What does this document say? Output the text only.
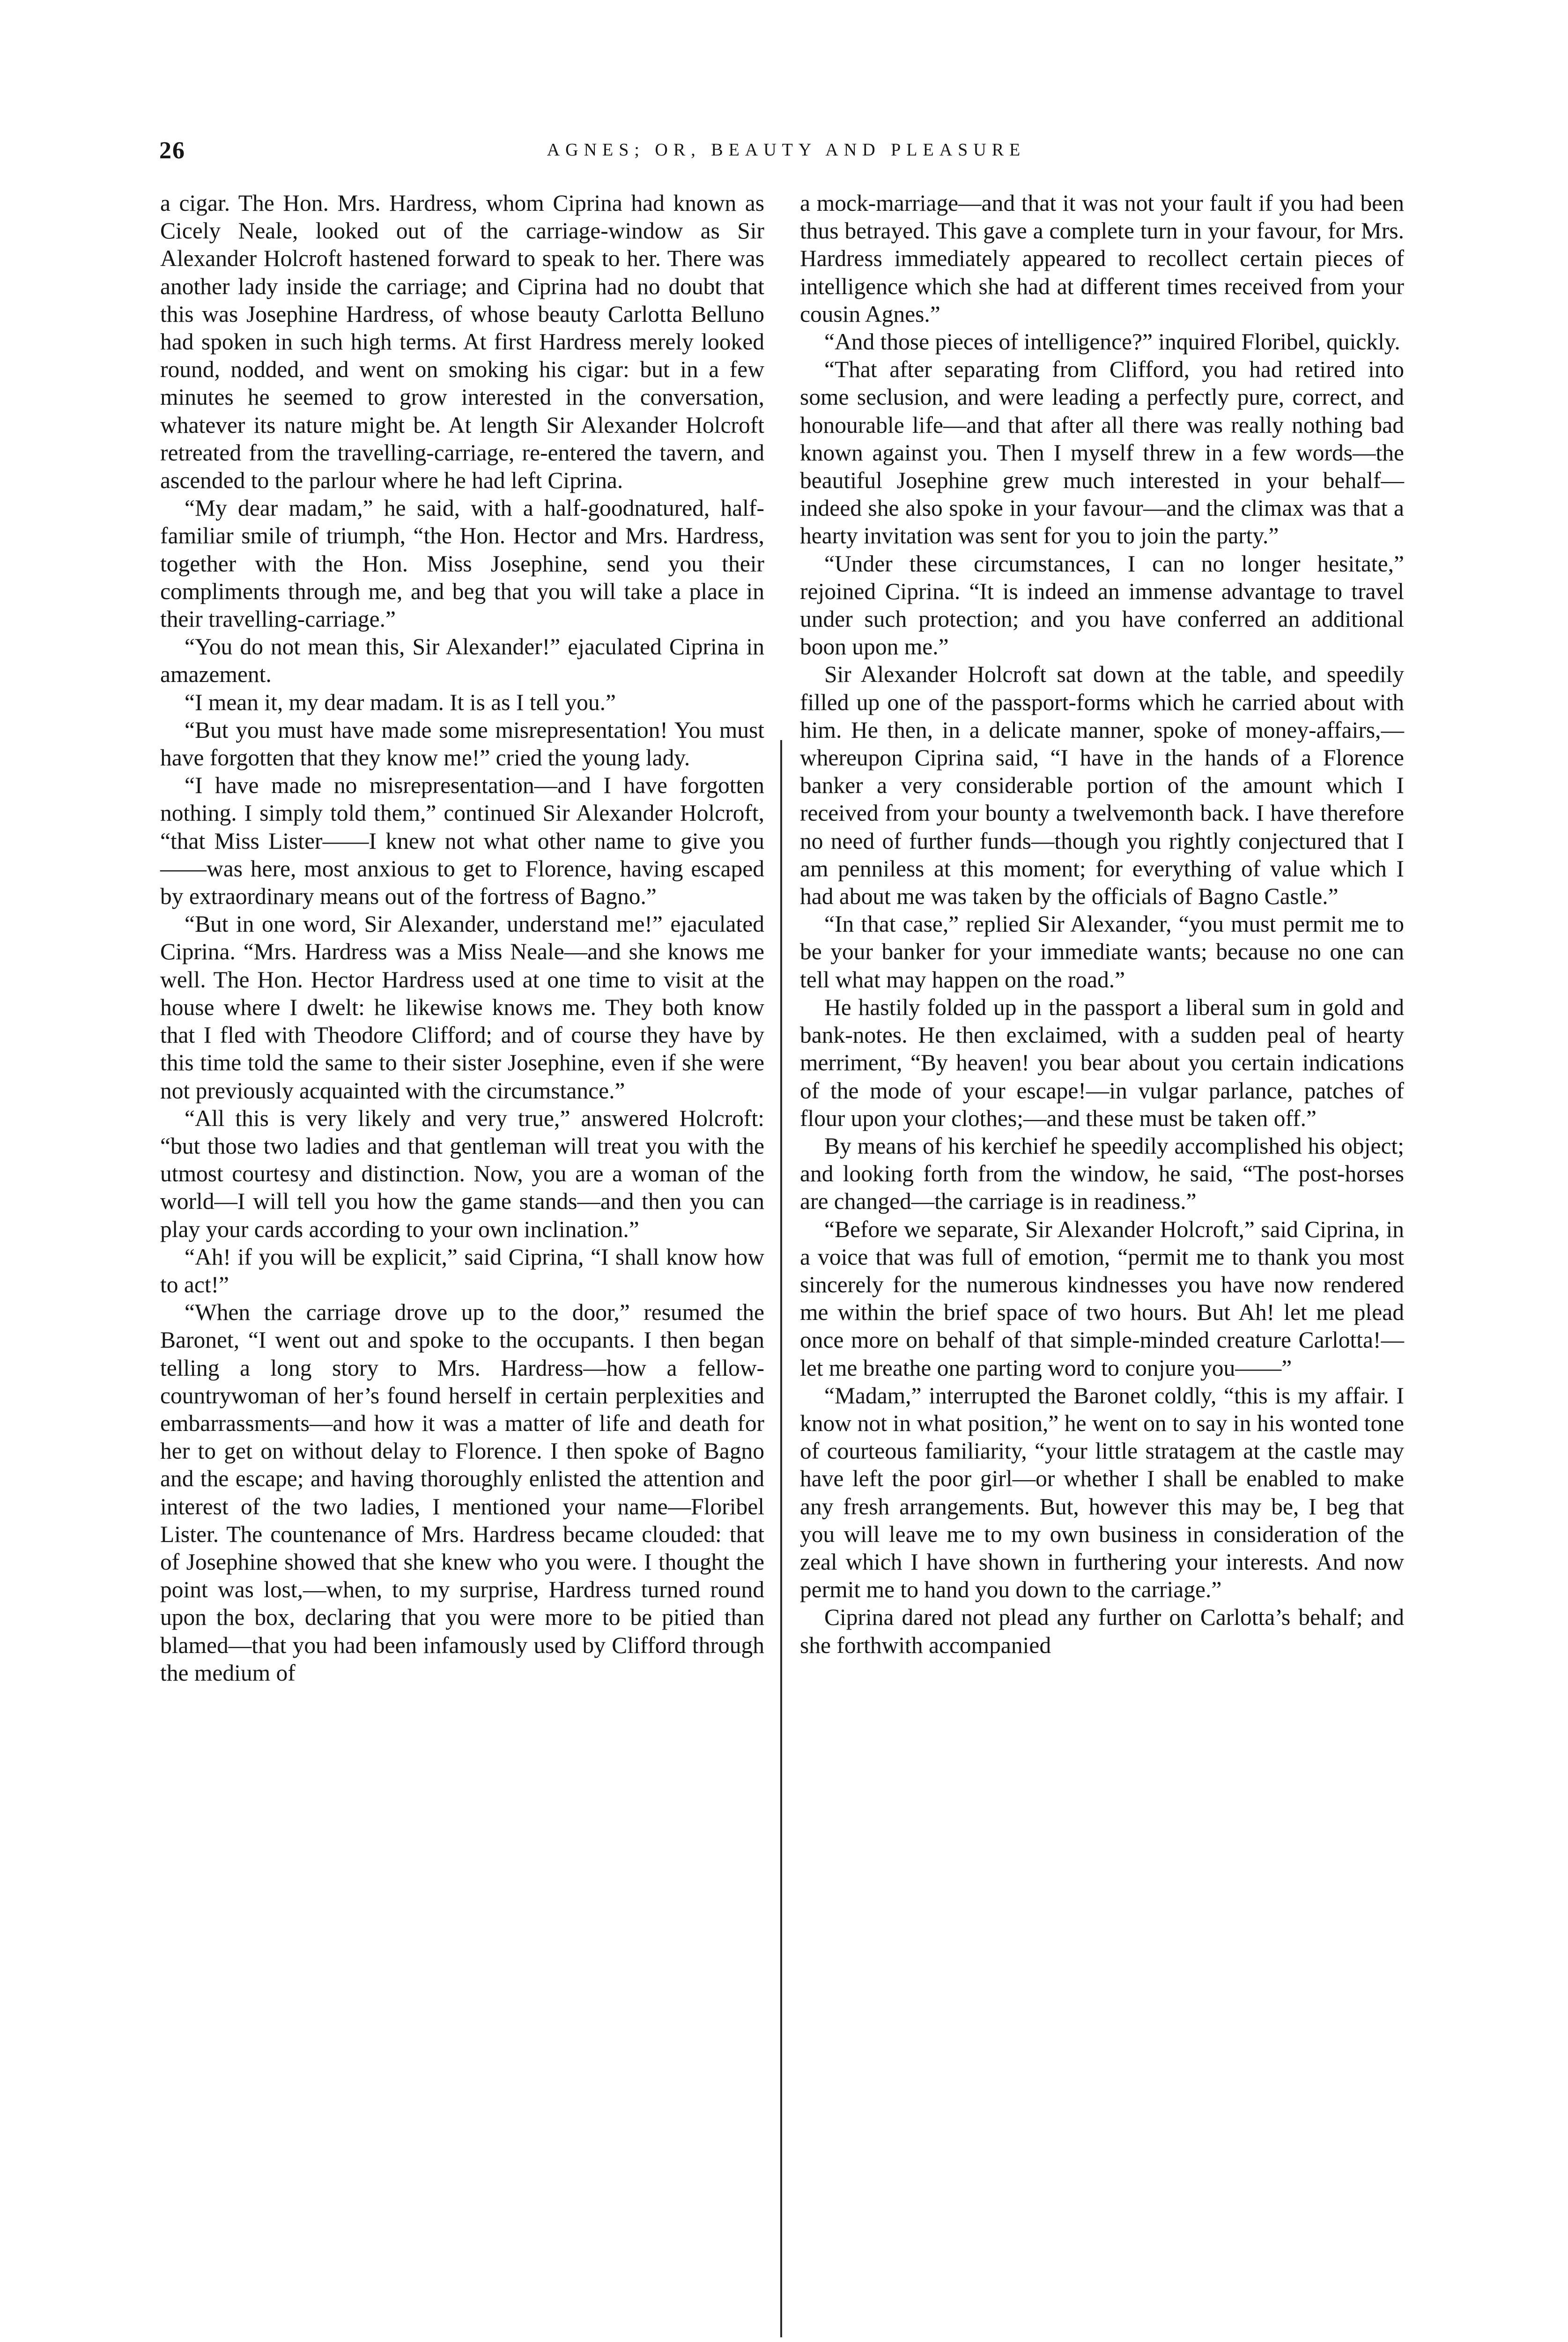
26	AGNES; OR, BEAUTY AND PLEASURE

a cigar. The Hon. Mrs. Hardress, whom Ciprina had known as Cicely Neale, looked out of the carriage-window as Sir Alexander Holcroft hastened forward to speak to her. There was another lady inside the carriage; and Ciprina had no doubt that this was Josephine Hardress, of whose beauty Carlotta Belluno had spoken in such high terms. At first Hardress merely looked round, nodded, and went on smoking his cigar: but in a few minutes he seemed to grow interested in the conversation, whatever its nature might be. At length Sir Alexander Holcroft retreated from the travelling-carriage, re-entered the tavern, and ascended to the parlour where he had left Ciprina.

“My dear madam,” he said, with a half-goodnatured, half-familiar smile of triumph, “the Hon. Hector and Mrs. Hardress, together with the Hon. Miss Josephine, send you their compliments through me, and beg that you will take a place in their travelling-carriage.”

“You do not mean this, Sir Alexander!” ejaculated Ciprina in amazement.

“I mean it, my dear madam. It is as I tell you.”

“But you must have made some misrepresentation! You must have forgotten that they know me!” cried the young lady.

“I have made no misrepresentation—and I have forgotten nothing. I simply told them,” continued Sir Alexander Holcroft, “that Miss Lister——I knew not what other name to give you——was here, most anxious to get to Florence, having escaped by extraordinary means out of the fortress of Bagno.”

“But in one word, Sir Alexander, understand me!” ejaculated Ciprina. “Mrs. Hardress was a Miss Neale—and she knows me well. The Hon. Hector Hardress used at one time to visit at the house where I dwelt: he likewise knows me. They both know that I fled with Theodore Clifford; and of course they have by this time told the same to their sister Josephine, even if she were not previously acquainted with the circumstance.”

“All this is very likely and very true,” answered Holcroft: “but those two ladies and that gentleman will treat you with the utmost courtesy and distinction. Now, you are a woman of the world—I will tell you how the game stands—and then you can play your cards according to your own inclination.”

“Ah! if you will be explicit,” said Ciprina, “I shall know how to act!”

“When the carriage drove up to the door,” resumed the Baronet, “I went out and spoke to the occupants. I then began telling a long story to Mrs. Hardress—how a fellow-countrywoman of her’s found herself in certain perplexities and embarrassments—and how it was a matter of life and death for her to get on without delay to Florence. I then spoke of Bagno and the escape; and having thoroughly enlisted the attention and interest of the two ladies, I mentioned your name—Floribel Lister. The countenance of Mrs. Hardress became clouded: that of Josephine showed that she knew who you were. I thought the point was lost,—when, to my surprise, Hardress turned round upon the box, declaring that you were more to be pitied than blamed—that you had been infamously used by Clifford through the medium of

a mock-marriage—and that it was not your fault if you had been thus betrayed. This gave a complete turn in your favour, for Mrs. Hardress immediately appeared to recollect certain pieces of intelligence which she had at different times received from your cousin Agnes.”

“And those pieces of intelligence?” inquired Floribel, quickly.

“That after separating from Clifford, you had retired into some seclusion, and were leading a perfectly pure, correct, and honourable life—and that after all there was really nothing bad known against you. Then I myself threw in a few words—the beautiful Josephine grew much interested in your behalf—indeed she also spoke in your favour—and the climax was that a hearty invitation was sent for you to join the party.”

“Under these circumstances, I can no longer hesitate,” rejoined Ciprina. “It is indeed an immense advantage to travel under such protection; and you have conferred an additional boon upon me.”

Sir Alexander Holcroft sat down at the table, and speedily filled up one of the passport-forms which he carried about with him. He then, in a delicate manner, spoke of money-affairs,—whereupon Ciprina said, “I have in the hands of a Florence banker a very considerable portion of the amount which I received from your bounty a twelvemonth back. I have therefore no need of further funds—though you rightly conjectured that I am penniless at this moment; for everything of value which I had about me was taken by the officials of Bagno Castle.”

“In that case,” replied Sir Alexander, “you must permit me to be your banker for your immediate wants; because no one can tell what may happen on the road.”

He hastily folded up in the passport a liberal sum in gold and bank-notes. He then exclaimed, with a sudden peal of hearty merriment, “By heaven! you bear about you certain indications of the mode of your escape!—in vulgar parlance, patches of flour upon your clothes;—and these must be taken off.”

By means of his kerchief he speedily accomplished his object; and looking forth from the window, he said, “The post-horses are changed—the carriage is in readiness.”

“Before we separate, Sir Alexander Holcroft,” said Ciprina, in a voice that was full of emotion, “permit me to thank you most sincerely for the numerous kindnesses you have now rendered me within the brief space of two hours. But Ah! let me plead once more on behalf of that simple-minded creature Carlotta!—let me breathe one parting word to conjure you——”

“Madam,” interrupted the Baronet coldly, “this is my affair. I know not in what position,” he went on to say in his wonted tone of courteous familiarity, “your little stratagem at the castle may have left the poor girl—or whether I shall be enabled to make any fresh arrangements. But, however this may be, I beg that you will leave me to my own business in consideration of the zeal which I have shown in furthering your interests. And now permit me to hand you down to the carriage.”

Ciprina dared not plead any further on Carlotta’s behalf; and she forthwith accompanied
